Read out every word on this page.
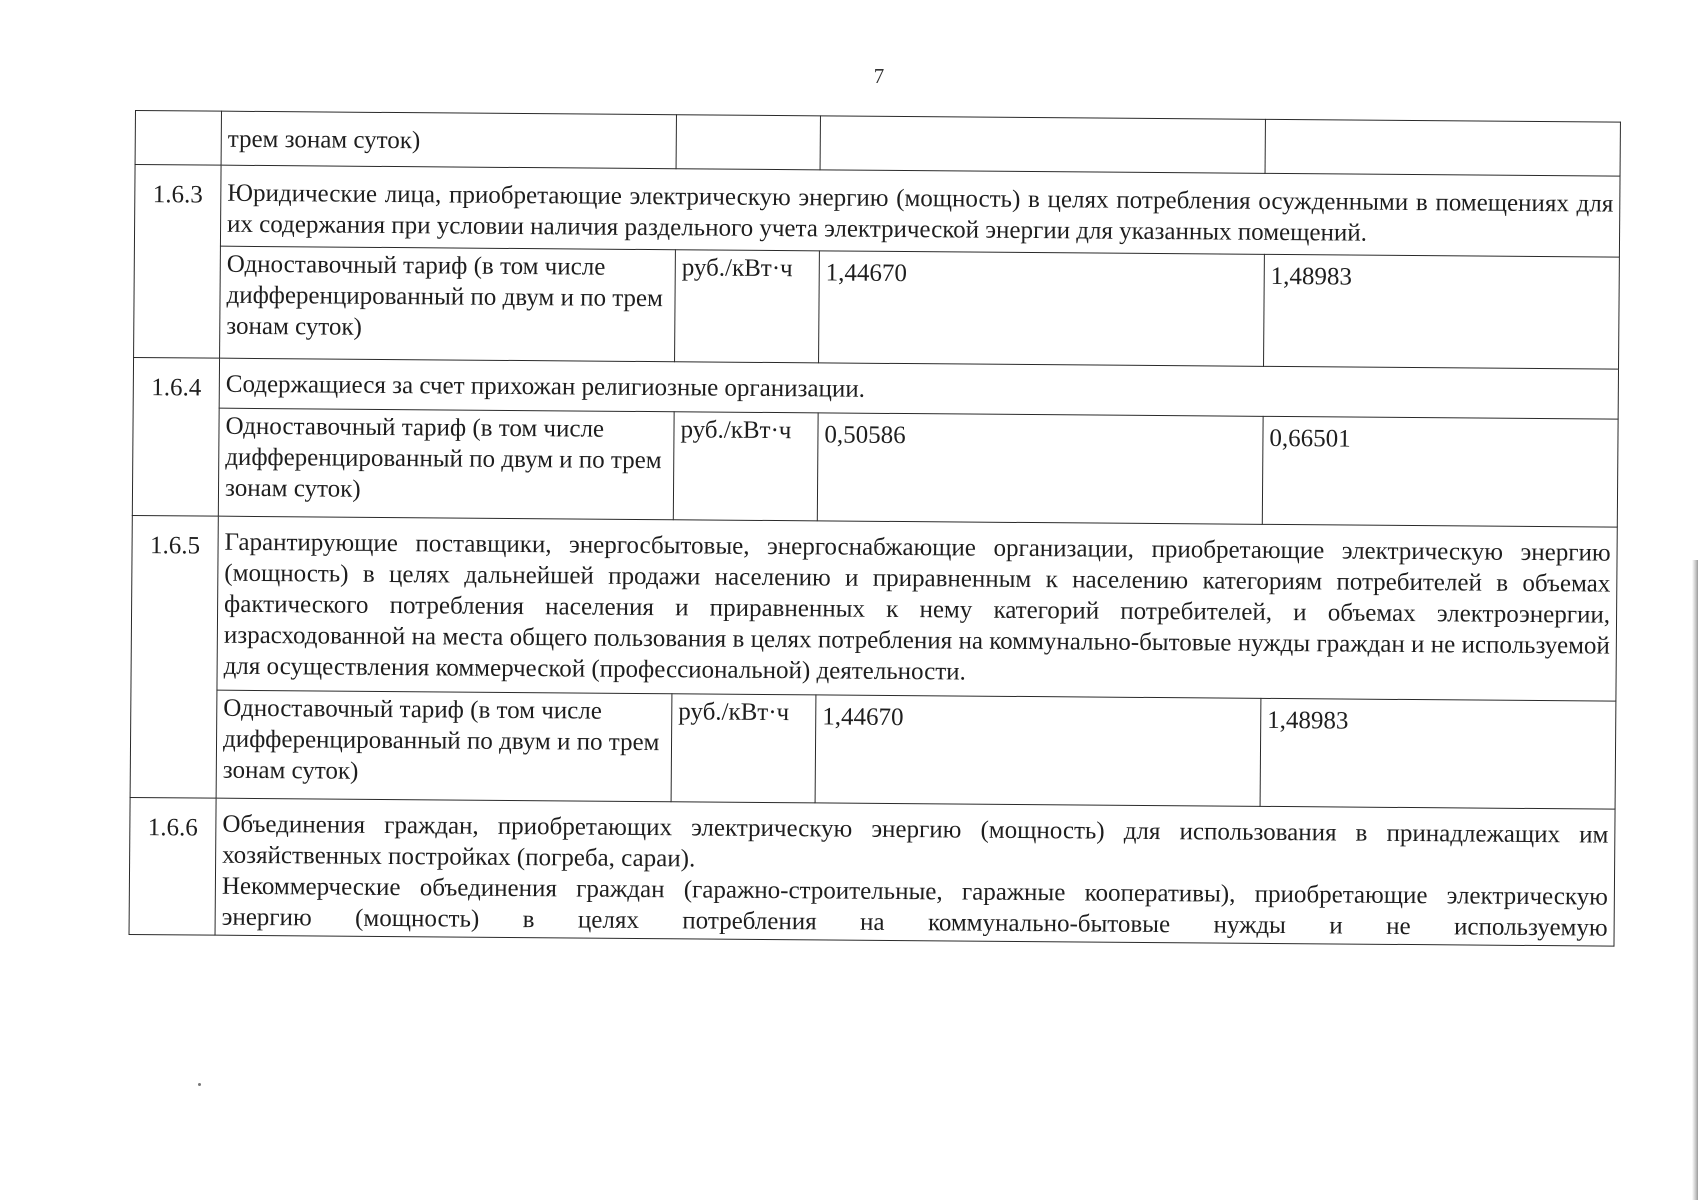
7
	трем зонам суток)			
1.6.3	Юридические лица, приобретающие электрическую энергию (мощность) в целях потребления осужденными в помещениях для их содержания при условии наличия раздельного учета электрической энергии для указанных помещений.			
	Одноставочный тариф (в том числе дифференцированный по двум и по трем зонам суток)	руб./кВт·ч	1,44670	1,48983
1.6.4	Содержащиеся за счет прихожан религиозные организации.			
	Одноставочный тариф (в том числе дифференцированный по двум и по трем зонам суток)	руб./кВт·ч	0,50586	0,66501
1.6.5	Гарантирующие поставщики, энергосбытовые, энергоснабжающие организации, приобретающие электрическую энергию (мощность) в целях дальнейшей продажи населению и приравненным к населению категориям потребителей в объемах фактического потребления населения и приравненных к нему категорий потребителей, и объемах электроэнергии, израсходованной на места общего пользования в целях потребления на коммунально-бытовые нужды граждан и не используемой для осуществления коммерческой (профессиональной) деятельности.			
	Одноставочный тариф (в том числе дифференцированный по двум и по трем зонам суток)	руб./кВт·ч	1,44670	1,48983
1.6.6	Объединения граждан, приобретающих электрическую энергию (мощность) для использования в принадлежащих им хозяйственных постройках (погреба, сараи).
Некоммерческие объединения граждан (гаражно-строительные, гаражные кооперативы), приобретающие электрическую энергию (мощность) в целях потребления на коммунально-бытовые нужды и не используемую			
